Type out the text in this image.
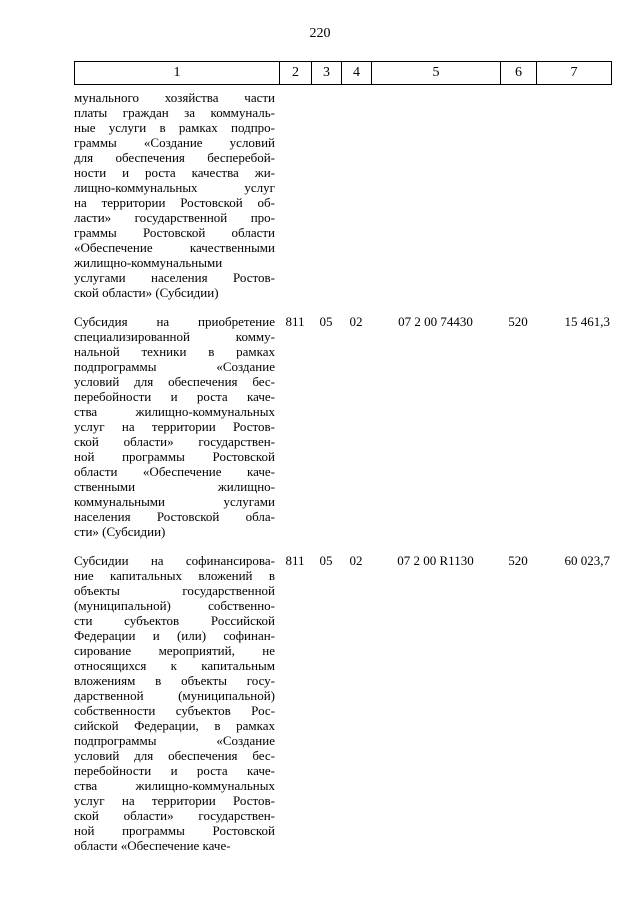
220
1	2	3	4	5	6	7
мунального хозяйства части
платы граждан за коммуналь-
ные услуги в рамках подпро-
граммы «Создание условий
для обеспечения бесперебой-
ности и роста качества жи-
лищно-коммунальных услуг
на территории Ростовской об-
ласти» государственной про-
граммы Ростовской области
«Обеспечение качественными
жилищно-коммунальными
услугами населения Ростов-
ской области» (Субсидии)
Субсидия на приобретение
специализированной комму-
нальной техники в рамках
подпрограммы «Создание
условий для обеспечения бес-
перебойности и роста каче-
ства жилищно-коммунальных
услуг на территории Ростов-
ской области» государствен-
ной программы Ростовской
области «Обеспечение каче-
ственными жилищно-
коммунальными услугами
населения Ростовской обла-
сти» (Субсидии)
811	05	02	07 2 00 74430	520	15 461,3
Субсидии на софинансирова-
ние капитальных вложений в
объекты государственной
(муниципальной) собственно-
сти субъектов Российской
Федерации и (или) софинан-
сирование мероприятий, не
относящихся к капитальным
вложениям в объекты госу-
дарственной (муниципальной)
собственности субъектов Рос-
сийской Федерации, в рамках
подпрограммы «Создание
условий для обеспечения бес-
перебойности и роста каче-
ства жилищно-коммунальных
услуг на территории Ростов-
ской области» государствен-
ной программы Ростовской
области «Обеспечение каче-
811	05	02	07 2 00 R1130	520	60 023,7
